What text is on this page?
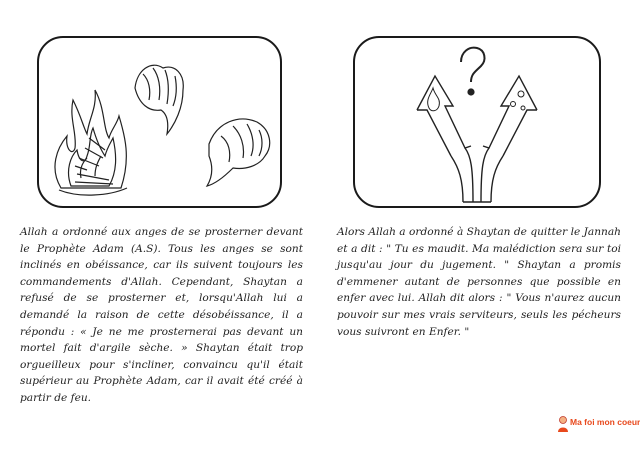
Allah a ordonné aux anges de se prosterner devant le Prophète Adam (A.S). Tous les anges se sont inclinés en obéissance, car ils suivent toujours les commandements d'Allah. Cependant, Shaytan a refusé de se prosterner et, lorsqu'Allah lui a demandé la raison de cette désobéissance, il a répondu : « Je ne me prosternerai pas devant un mortel fait d'argile sèche. » Shaytan était trop orgueilleux pour s'incliner, convaincu qu'il était supérieur au Prophète Adam, car il avait été créé à partir de feu.
Alors Allah a ordonné à Shaytan de quitter le Jannah et a dit : " Tu es maudit. Ma malédiction sera sur toi jusqu'au jour du jugement. " Shaytan a promis d'emmener autant de personnes que possible en enfer avec lui. Allah dit alors : " Vous n'aurez aucun pouvoir sur mes vrais serviteurs, seuls les pécheurs vous suivront en Enfer. "
Ma foi mon coeur
